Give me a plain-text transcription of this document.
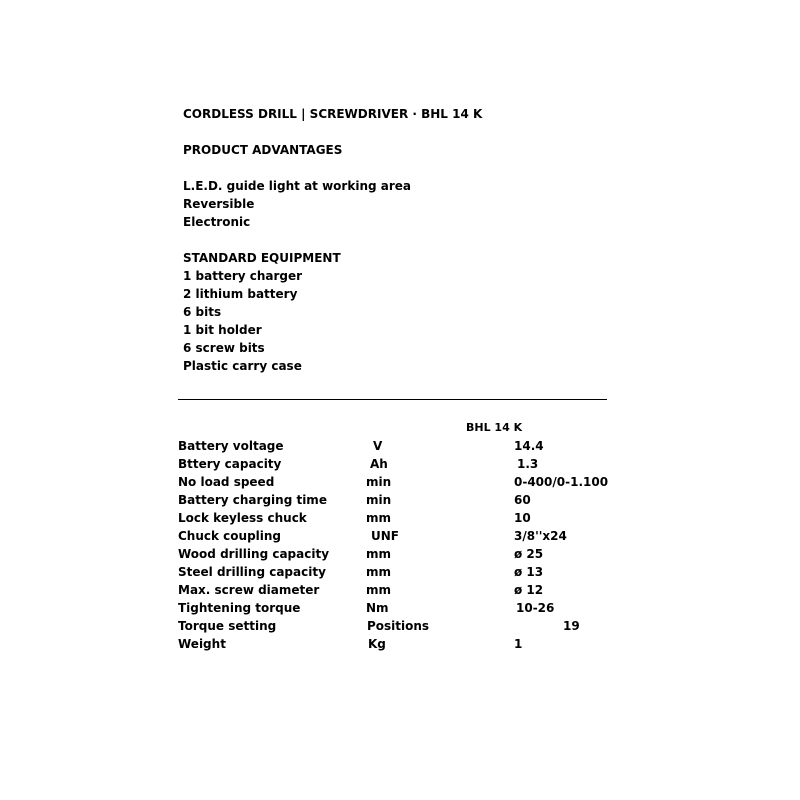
CORDLESS DRILL | SCREWDRIVER · BHL 14 K
PRODUCT ADVANTAGES
L.E.D. guide light at working area
Reversible
Electronic
STANDARD EQUIPMENT
1 battery charger
2 lithium battery
6 bits
1 bit holder
6 screw bits
Plastic carry case
BHL 14 K
Battery voltage	V	14.4
Bttery capacity	Ah	1.3
No load speed	min	0-400/0-1.100
Battery charging time	min	60
Lock keyless chuck	mm	10
Chuck coupling	UNF	3/8''x24
Wood drilling capacity	mm	ø 25
Steel drilling capacity	mm	ø 13
Max. screw diameter	mm	ø 12
Tightening torque	Nm	10-26
Torque setting	Positions	19
Weight	Kg	1
